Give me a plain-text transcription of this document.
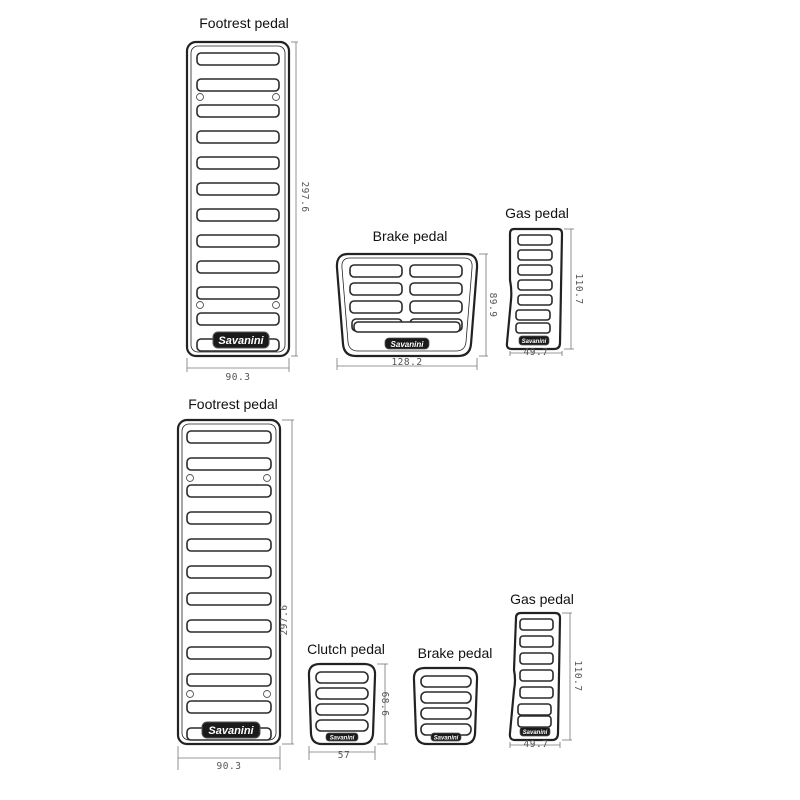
Footrest pedal
Savanini
297.6
90.3
Brake pedal
Savanini
89.9
128.2
Gas pedal
Savanini
110.7
49.7
Footrest pedal
Savanini
297.6
90.3
Clutch pedal
Savanini
68.6
57
Brake pedal
Savanini
Gas pedal
Savanini
110.7
49.7
